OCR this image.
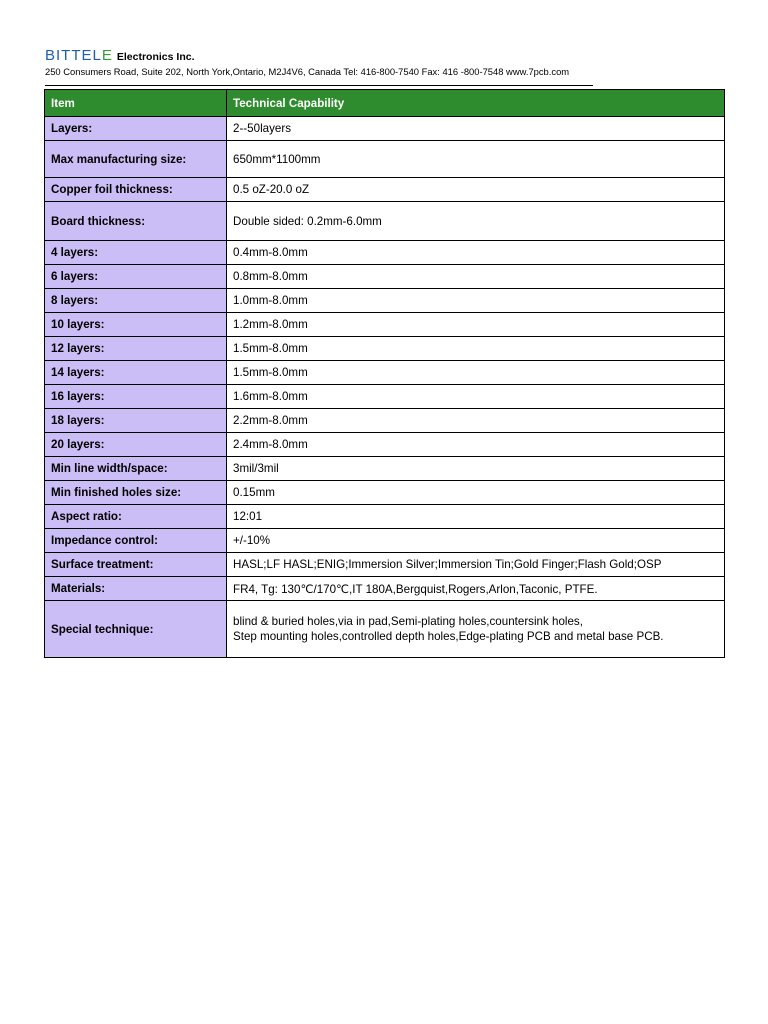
BITTELE Electronics Inc.
250 Consumers Road, Suite 202, North York,Ontario, M2J4V6, Canada Tel: 416-800-7540 Fax: 416 -800-7548 www.7pcb.com
Item	Technical Capability
Layers:	2--50layers
Max manufacturing size:	650mm*1100mm
Copper foil thickness:	0.5 oZ-20.0 oZ
Board thickness:	Double sided: 0.2mm-6.0mm
4 layers:	0.4mm-8.0mm
6 layers:	0.8mm-8.0mm
8 layers:	1.0mm-8.0mm
10 layers:	1.2mm-8.0mm
12 layers:	1.5mm-8.0mm
14 layers:	1.5mm-8.0mm
16 layers:	1.6mm-8.0mm
18 layers:	2.2mm-8.0mm
20 layers:	2.4mm-8.0mm
Min line width/space:	3mil/3mil
Min finished holes size:	0.15mm
Aspect ratio:	12:01
Impedance control:	+/-10%
Surface treatment:	HASL;LF HASL;ENIG;Immersion Silver;Immersion Tin;Gold Finger;Flash Gold;OSP
Materials:	FR4, Tg: 130℃/170℃,IT 180A,Bergquist,Rogers,Arlon,Taconic, PTFE.
Special technique:	blind & buried holes,via in pad,Semi-plating holes,countersink holes,
Step mounting holes,controlled depth holes,Edge-plating PCB and metal base PCB.
